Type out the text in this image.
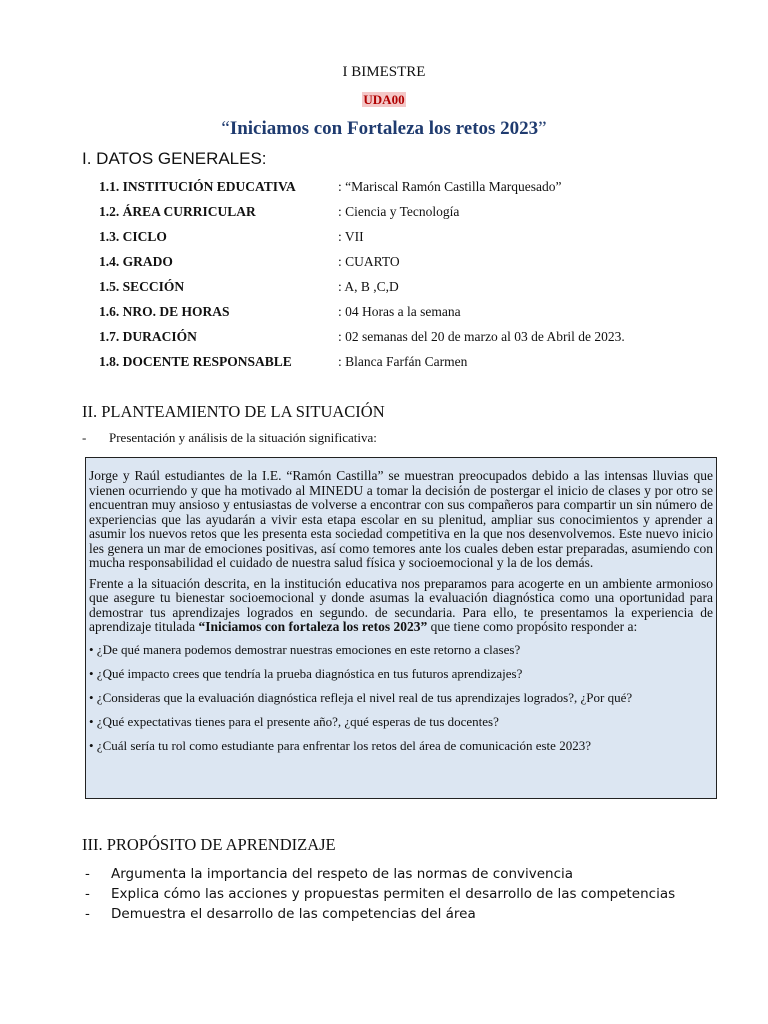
I BIMESTRE
UDA00
“Iniciamos con Fortaleza los retos 2023”
I. DATOS GENERALES:
1.1. INSTITUCIÓN EDUCATIVA	: “Mariscal Ramón Castilla Marquesado”
1.2. ÁREA CURRICULAR	: Ciencia y Tecnología
1.3. CICLO	: VII
1.4. GRADO	: CUARTO
1.5. SECCIÓN	: A, B ,C,D
1.6. NRO. DE HORAS	: 04 Horas a la semana
1.7. DURACIÓN	: 02 semanas del 20 de marzo al 03 de Abril de 2023.
1.8. DOCENTE RESPONSABLE	: Blanca Farfán Carmen
II. PLANTEAMIENTO DE LA SITUACIÓN
- Presentación y análisis de la situación significativa:

Jorge y Raúl estudiantes de la I.E. “Ramón Castilla” se muestran preocupados debido a las intensas lluvias que vienen ocurriendo y que ha motivado al MINEDU a tomar la decisión de postergar el inicio de clases y por otro se encuentran muy ansioso y entusiastas de volverse a encontrar con sus compañeros para compartir un sin número de experiencias que las ayudarán a vivir esta etapa escolar en su plenitud, ampliar sus conocimientos y aprender a asumir los nuevos retos que les presenta esta sociedad competitiva en la que nos desenvolvemos. Este nuevo inicio les genera un mar de emociones positivas, así como temores ante los cuales deben estar preparadas, asumiendo con mucha responsabilidad el cuidado de nuestra salud física y socioemocional y la de los demás.

Frente a la situación descrita, en la institución educativa nos preparamos para acogerte en un ambiente armonioso que asegure tu bienestar socioemocional y donde asumas la evaluación diagnóstica como una oportunidad para demostrar tus aprendizajes logrados en segundo. de secundaria. Para ello, te presentamos la experiencia de aprendizaje titulada “Iniciamos con fortaleza los retos 2023” que tiene como propósito responder a:

• ¿De qué manera podemos demostrar nuestras emociones en este retorno a clases?
• ¿Qué impacto crees que tendría la prueba diagnóstica en tus futuros aprendizajes?
• ¿Consideras que la evaluación diagnóstica refleja el nivel real de tus aprendizajes logrados?, ¿Por qué?
• ¿Qué expectativas tienes para el presente año?, ¿qué esperas de tus docentes?
• ¿Cuál sería tu rol como estudiante para enfrentar los retos del área de comunicación este 2023?
III. PROPÓSITO DE APRENDIZAJE
- Argumenta la importancia del respeto de las normas de convivencia
- Explica cómo las acciones y propuestas permiten el desarrollo de las competencias
- Demuestra el desarrollo de las competencias del área
